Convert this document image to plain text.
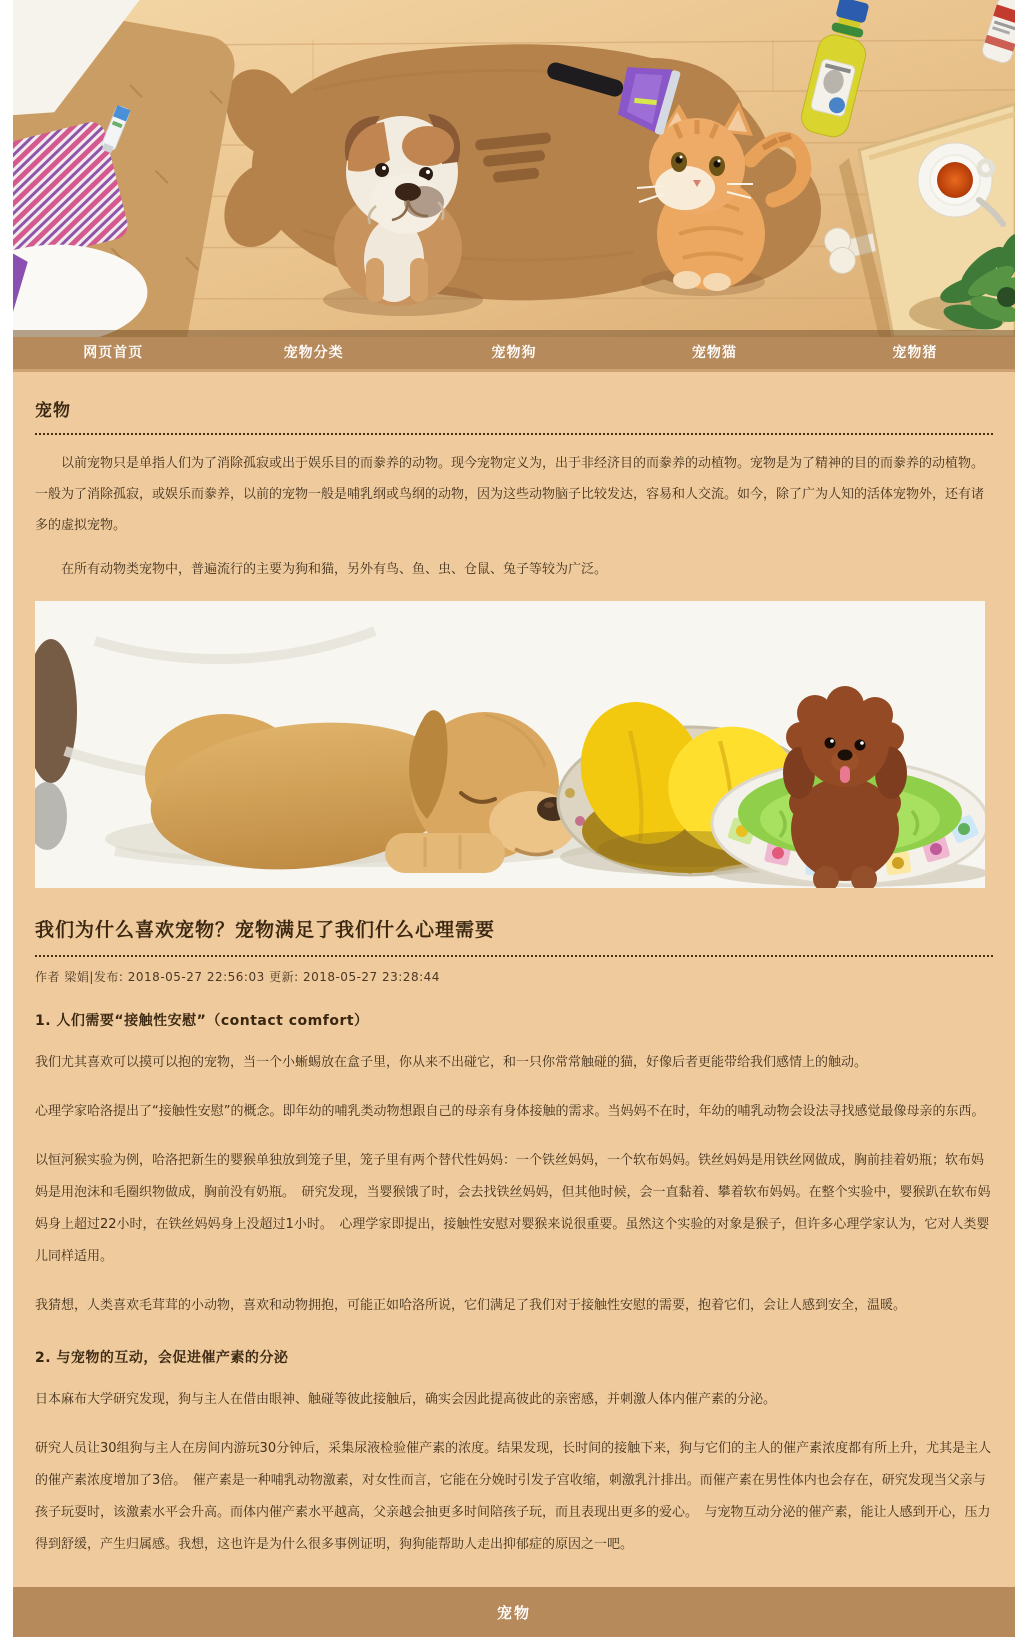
网页首页	宠物分类	宠物狗	宠物猫	宠物猪
宠物

以前宠物只是单指人们为了消除孤寂或出于娱乐目的而豢养的动物。现今宠物定义为，出于非经济目的而豢养的动植物。宠物是为了精神的目的而豢养的动植物。一般为了消除孤寂，或娱乐而豢养，以前的宠物一般是哺乳纲或鸟纲的动物，因为这些动物脑子比较发达，容易和人交流。如今，除了广为人知的活体宠物外，还有诸多的虚拟宠物。

在所有动物类宠物中，普遍流行的主要为狗和猫，另外有鸟、鱼、虫、仓鼠、兔子等较为广泛。

我们为什么喜欢宠物？宠物满足了我们什么心理需要
作者 梁娟|发布: 2018-05-27 22:56:03 更新: 2018-05-27 23:28:44
1. 人们需要“接触性安慰”（contact comfort）

我们尤其喜欢可以摸可以抱的宠物，当一个小蜥蜴放在盒子里，你从来不出碰它，和一只你常常触碰的猫，好像后者更能带给我们感情上的触动。

心理学家哈洛提出了“接触性安慰”的概念。即年幼的哺乳类动物想跟自己的母亲有身体接触的需求。当妈妈不在时，年幼的哺乳动物会设法寻找感觉最像母亲的东西。

以恒河猴实验为例，哈洛把新生的婴猴单独放到笼子里，笼子里有两个替代性妈妈：一个铁丝妈妈，一个软布妈妈。铁丝妈妈是用铁丝网做成，胸前挂着奶瓶；软布妈妈是用泡沫和毛圈织物做成，胸前没有奶瓶。　研究发现，当婴猴饿了时，会去找铁丝妈妈，但其他时候，会一直黏着、攀着软布妈妈。在整个实验中，婴猴趴在软布妈妈身上超过22小时，在铁丝妈妈身上没超过1小时。　心理学家即提出，接触性安慰对婴猴来说很重要。虽然这个实验的对象是猴子，但许多心理学家认为，它对人类婴儿同样适用。

我猜想，人类喜欢毛茸茸的小动物，喜欢和动物拥抱，可能正如哈洛所说，它们满足了我们对于接触性安慰的需要，抱着它们，会让人感到安全，温暖。

2. 与宠物的互动，会促进催产素的分泌

日本麻布大学研究发现，狗与主人在借由眼神、触碰等彼此接触后，确实会因此提高彼此的亲密感，并刺激人体内催产素的分泌。

研究人员让30组狗与主人在房间内游玩30分钟后，采集尿液检验催产素的浓度。结果发现，长时间的接触下来，狗与它们的主人的催产素浓度都有所上升，尤其是主人的催产素浓度增加了3倍。　催产素是一种哺乳动物激素，对女性而言，它能在分娩时引发子宫收缩，刺激乳汁排出。而催产素在男性体内也会存在，研究发现当父亲与孩子玩耍时，该激素水平会升高。而体内催产素水平越高，父亲越会抽更多时间陪孩子玩，而且表现出更多的爱心。　与宠物互动分泌的催产素，能让人感到开心，压力得到舒缓，产生归属感。我想，这也许是为什么很多事例证明，狗狗能帮助人走出抑郁症的原因之一吧。

宠物
